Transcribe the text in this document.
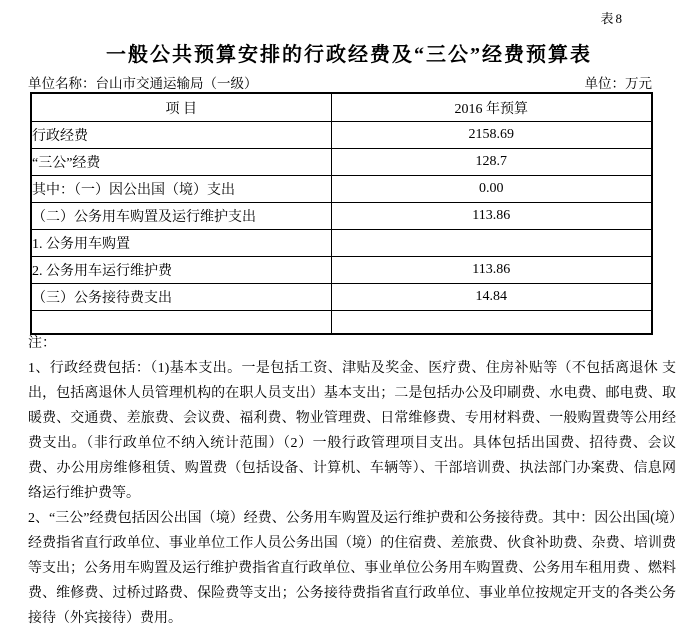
表8
一般公共预算安排的行政经费及“三公”经费预算表
单位名称：台山市交通运输局（一级）	单位：万元
项 目	2016 年预算
行政经费	2158.69
“三公”经费	128.7
其中：（一）因公出国（境）支出	0.00
（二）公务用车购置及运行维护支出	113.86
1. 公务用车购置	
2. 公务用车运行维护费	113.86
（三）公务接待费支出	14.84

注：

1、行政经费包括：（1)基本支出。一是包括工资、津贴及奖金、医疗费、住房补贴等（不包括离退休 支出，包括离退休人员管理机构的在职人员支出）基本支出；二是包括办公及印刷费、水电费、邮电费、取暖费、交通费、差旅费、会议费、福利费、物业管理费、日常维修费、专用材料费、一般购置费等公用经费支出。（非行政单位不纳入统计范围）（2）一般行政管理项目支出。具体包括出国费、招待费、会议费、办公用房维修租赁、购置费（包括设备、计算机、车辆等）、干部培训费、执法部门办案费、信息网络运行维护费等。

2、“三公”经费包括因公出国（境）经费、公务用车购置及运行维护费和公务接待费。其中：因公出国(境）经费指省直行政单位、事业单位工作人员公务出国（境）的住宿费、差旅费、伙食补助费、杂费、培训费等支出；公务用车购置及运行维护费指省直行政单位、事业单位公务用车购置费、公务用车租用费 、燃料费、维修费、过桥过路费、保险费等支出；公务接待费指省直行政单位、事业单位按规定开支的各类公务接待（外宾接待）费用。
